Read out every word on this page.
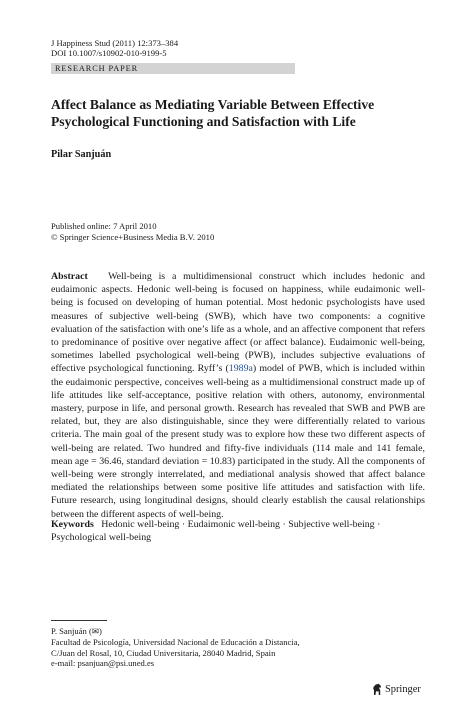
J Happiness Stud (2011) 12:373–384
DOI 10.1007/s10902-010-9199-5
RESEARCH PAPER
Affect Balance as Mediating Variable Between Effective Psychological Functioning and Satisfaction with Life
Pilar Sanjuán
Published online: 7 April 2010
© Springer Science+Business Media B.V. 2010

Abstract Well-being is a multidimensional construct which includes hedonic and eudaimonic aspects. Hedonic well-being is focused on happiness, while eudaimonic well-being is focused on developing of human potential. Most hedonic psychologists have used measures of subjective well-being (SWB), which have two components: a cognitive evaluation of the satisfaction with one’s life as a whole, and an affective component that refers to predominance of positive over negative affect (or affect balance). Eudaimonic well-being, sometimes labelled psychological well-being (PWB), includes subjective evaluations of effective psychological functioning. Ryff’s (1989a) model of PWB, which is included within the eudaimonic perspective, conceives well-being as a multidimensional construct made up of life attitudes like self-acceptance, positive relation with others, autonomy, environmental mastery, purpose in life, and personal growth. Research has revealed that SWB and PWB are related, but, they are also distinguishable, since they were differentially related to various criteria. The main goal of the present study was to explore how these two different aspects of well-being are related. Two hundred and fifty-five individuals (114 male and 141 female, mean age = 36.46, standard deviation = 10.83) participated in the study. All the components of well-being were strongly interrelated, and mediational analysis showed that affect balance mediated the relationships between some positive life attitudes and satisfaction with life. Future research, using longitudinal designs, should clearly establish the causal relationships between the different aspects of well-being.

Keywords Hedonic well-being · Eudaimonic well-being · Subjective well-being · Psychological well-being

P. Sanjuán (✉)
Facultad de Psicología, Universidad Nacional de Educación a Distancia,
C/Juan del Rosal, 10, Ciudad Universitaria, 28040 Madrid, Spain
e-mail: psanjuan@psi.uned.es
Springer
